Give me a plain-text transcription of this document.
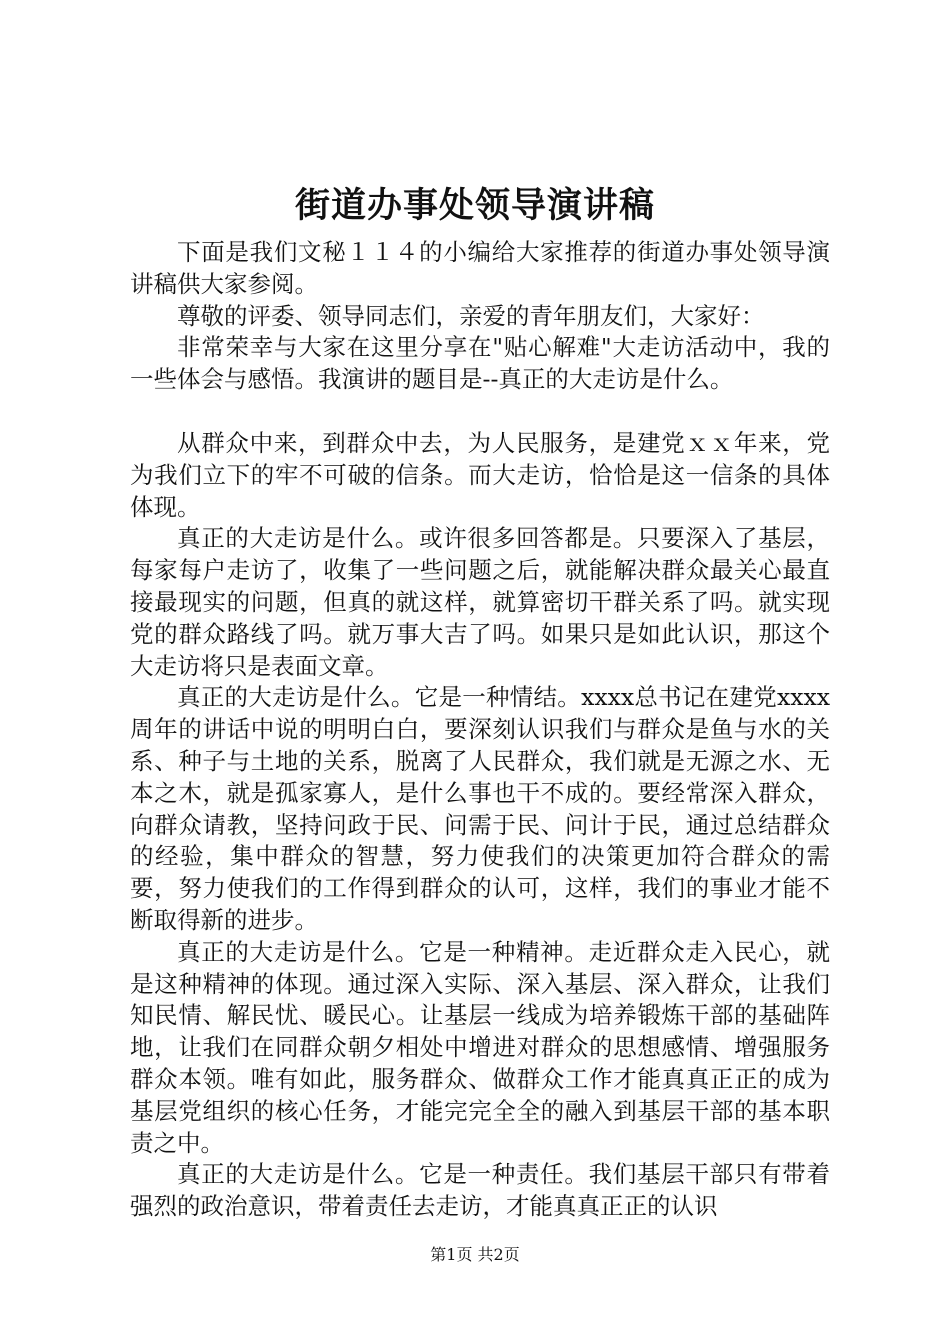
街道办事处领导演讲稿

下面是我们文秘１１４的小编给大家推荐的街道办事处领导演讲稿供大家参阅。

尊敬的评委、领导同志们，亲爱的青年朋友们，大家好：

非常荣幸与大家在这里分享在"贴心解难"大走访活动中，我的一些体会与感悟。我演讲的题目是--真正的大走访是什么。

从群众中来，到群众中去，为人民服务，是建党ｘｘ年来，党为我们立下的牢不可破的信条。而大走访，恰恰是这一信条的具体体现。

真正的大走访是什么。或许很多回答都是。只要深入了基层，每家每户走访了，收集了一些问题之后，就能解决群众最关心最直接最现实的问题，但真的就这样，就算密切干群关系了吗。就实现党的群众路线了吗。就万事大吉了吗。如果只是如此认识，那这个大走访将只是表面文章。

真正的大走访是什么。它是一种情结。xxxx总书记在建党xxxx周年的讲话中说的明明白白，要深刻认识我们与群众是鱼与水的关系、种子与土地的关系，脱离了人民群众，我们就是无源之水、无本之木，就是孤家寡人，是什么事也干不成的。要经常深入群众，向群众请教，坚持问政于民、问需于民、问计于民，通过总结群众的经验，集中群众的智慧，努力使我们的决策更加符合群众的需要，努力使我们的工作得到群众的认可，这样，我们的事业才能不断取得新的进步。

真正的大走访是什么。它是一种精神。走近群众走入民心，就是这种精神的体现。通过深入实际、深入基层、深入群众，让我们知民情、解民忧、暖民心。让基层一线成为培养锻炼干部的基础阵地，让我们在同群众朝夕相处中增进对群众的思想感情、增强服务群众本领。唯有如此，服务群众、做群众工作才能真真正正的成为基层党组织的核心任务，才能完完全全的融入到基层干部的基本职责之中。

真正的大走访是什么。它是一种责任。我们基层干部只有带着强烈的政治意识，带着责任去走访，才能真真正正的认识

第1页 共2页
